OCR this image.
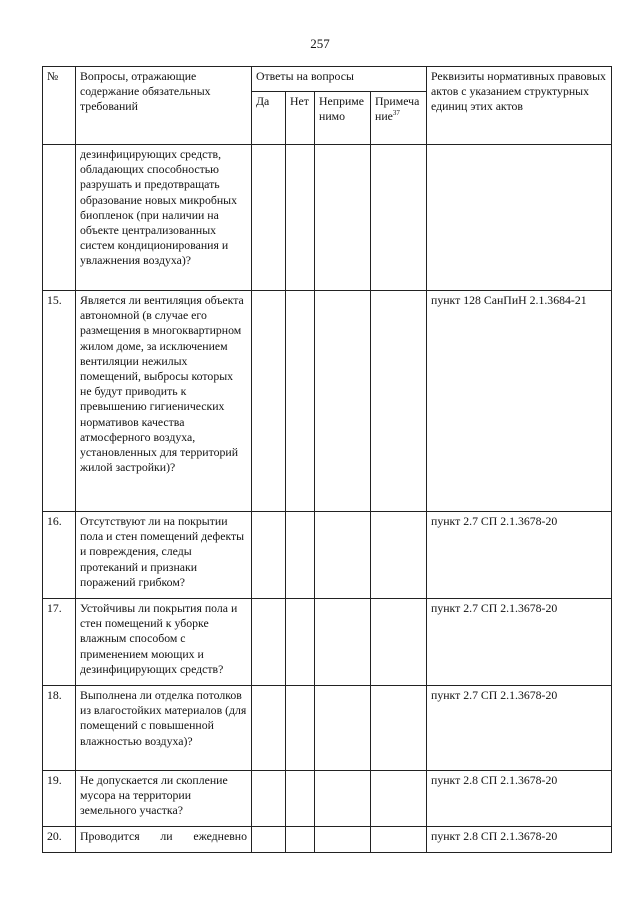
257
№	Вопросы, отражающие содержание обязательных требований	Ответы на вопросы				Реквизиты нормативных правовых актов с указанием структурных единиц этих актов
		Да	Нет	Неприменимо	Примечание$^{37}$
	дезинфицирующих средств, обладающих способностью разрушать и предотвращать образование новых микробных биопленок (при наличии на объекте централизованных систем кондиционирования и увлажнения воздуха)?					
15.	Является ли вентиляция объекта автономной (в случае его размещения в многоквартирном жилом доме, за исключением вентиляции нежилых помещений, выбросы которых не будут приводить к превышению гигиенических нормативов качества атмосферного воздуха, установленных для территорий жилой застройки)?					пункт 128 СанПиН 2.1.3684-21
16.	Отсутствуют ли на покрытии пола и стен помещений дефекты и повреждения, следы протеканий и признаки поражений грибком?					пункт 2.7 СП 2.1.3678-20
17.	Устойчивы ли покрытия пола и стен помещений к уборке влажным способом с применением моющих и дезинфицирующих средств?					пункт 2.7 СП 2.1.3678-20
18.	Выполнена ли отделка потолков из влагостойких материалов (для помещений с повышенной влажностью воздуха)?					пункт 2.7 СП 2.1.3678-20
19.	Не допускается ли скопление мусора на территории земельного участка?					пункт 2.8 СП 2.1.3678-20
20.	Проводится ли ежедневно					пункт 2.8 СП 2.1.3678-20
